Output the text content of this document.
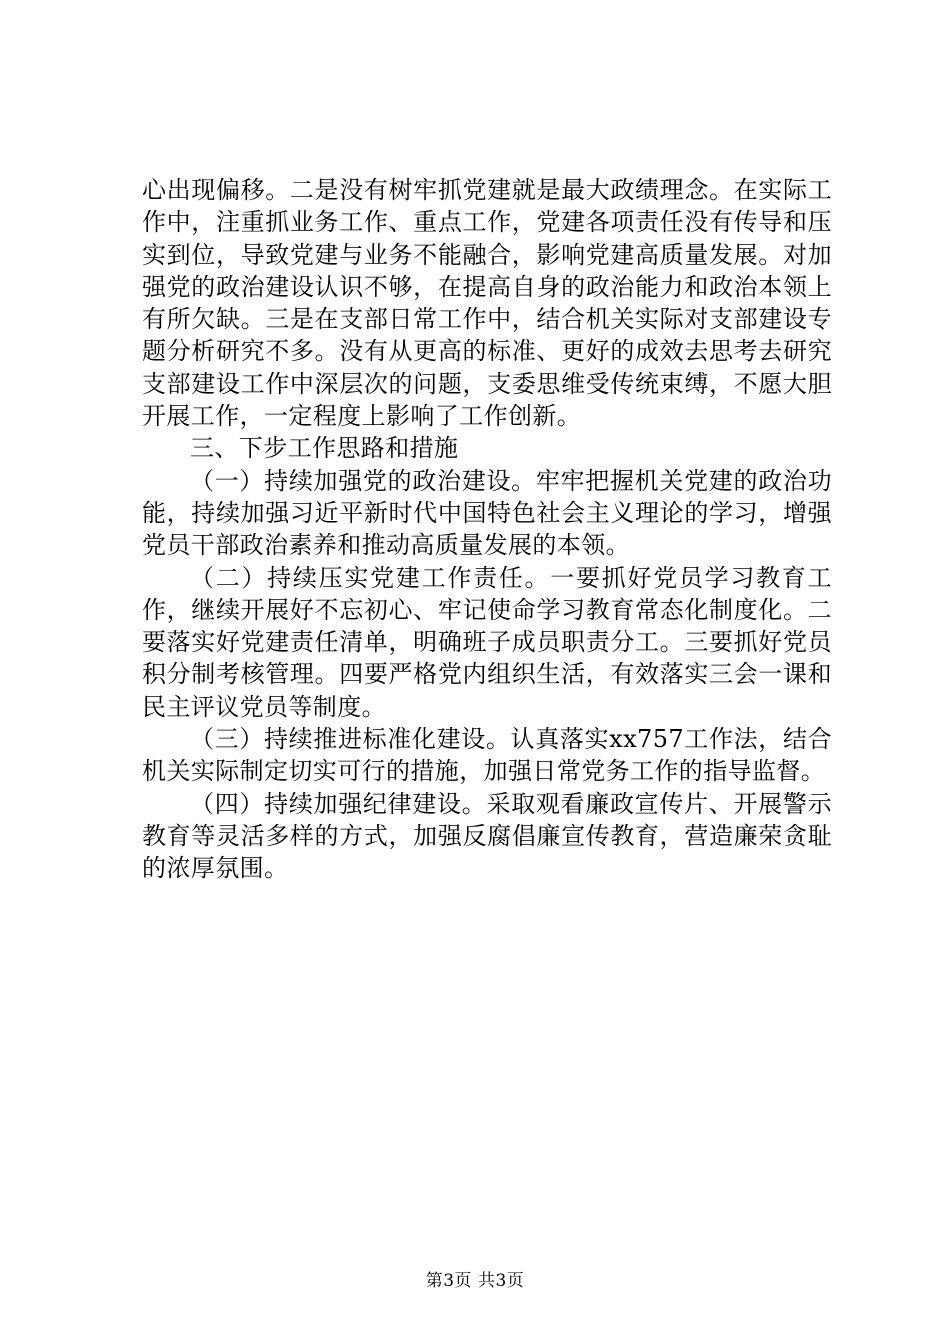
心出现偏移。二是没有树牢抓党建就是最大政绩理念。在实际工作中，注重抓业务工作、重点工作，党建各项责任没有传导和压实到位，导致党建与业务不能融合，影响党建高质量发展。对加强党的政治建设认识不够，在提高自身的政治能力和政治本领上有所欠缺。三是在支部日常工作中，结合机关实际对支部建设专题分析研究不多。没有从更高的标准、更好的成效去思考去研究支部建设工作中深层次的问题，支委思维受传统束缚，不愿大胆开展工作，一定程度上影响了工作创新。

三、下步工作思路和措施

（一）持续加强党的政治建设。牢牢把握机关党建的政治功能，持续加强习近平新时代中国特色社会主义理论的学习，增强党员干部政治素养和推动高质量发展的本领。

（二）持续压实党建工作责任。一要抓好党员学习教育工作，继续开展好不忘初心、牢记使命学习教育常态化制度化。二要落实好党建责任清单，明确班子成员职责分工。三要抓好党员积分制考核管理。四要严格党内组织生活，有效落实三会一课和民主评议党员等制度。

（三）持续推进标准化建设。认真落实xx757工作法，结合机关实际制定切实可行的措施，加强日常党务工作的指导监督。

（四）持续加强纪律建设。采取观看廉政宣传片、开展警示教育等灵活多样的方式，加强反腐倡廉宣传教育，营造廉荣贪耻的浓厚氛围。

第3页 共3页
